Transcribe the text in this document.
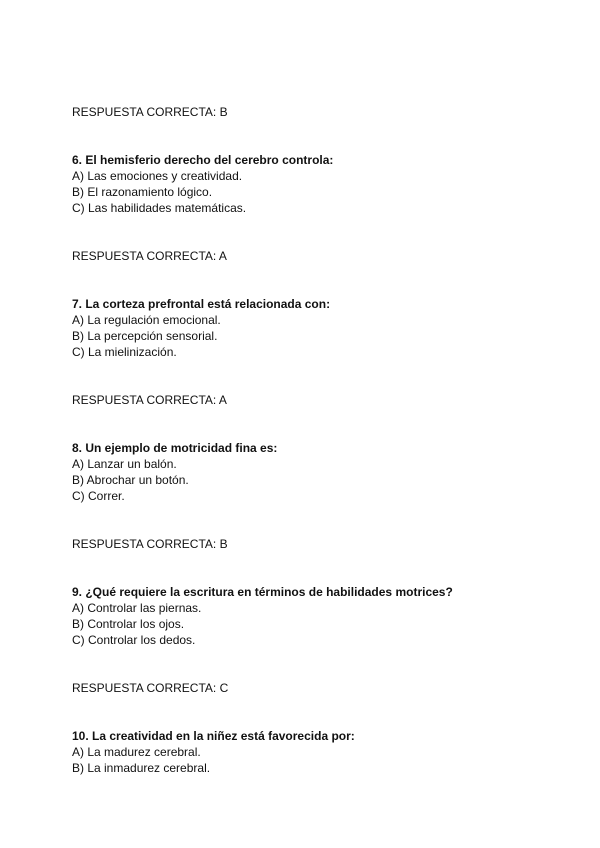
RESPUESTA CORRECTA: B
6. El hemisferio derecho del cerebro controla:
A) Las emociones y creatividad.
B) El razonamiento lógico.
C) Las habilidades matemáticas.
RESPUESTA CORRECTA: A
7. La corteza prefrontal está relacionada con:
A) La regulación emocional.
B) La percepción sensorial.
C) La mielinización.
RESPUESTA CORRECTA: A
8. Un ejemplo de motricidad fina es:
A) Lanzar un balón.
B) Abrochar un botón.
C) Correr.
RESPUESTA CORRECTA: B
9. ¿Qué requiere la escritura en términos de habilidades motrices?
A) Controlar las piernas.
B) Controlar los ojos.
C) Controlar los dedos.
RESPUESTA CORRECTA: C
10. La creatividad en la niñez está favorecida por:
A) La madurez cerebral.
B) La inmadurez cerebral.
